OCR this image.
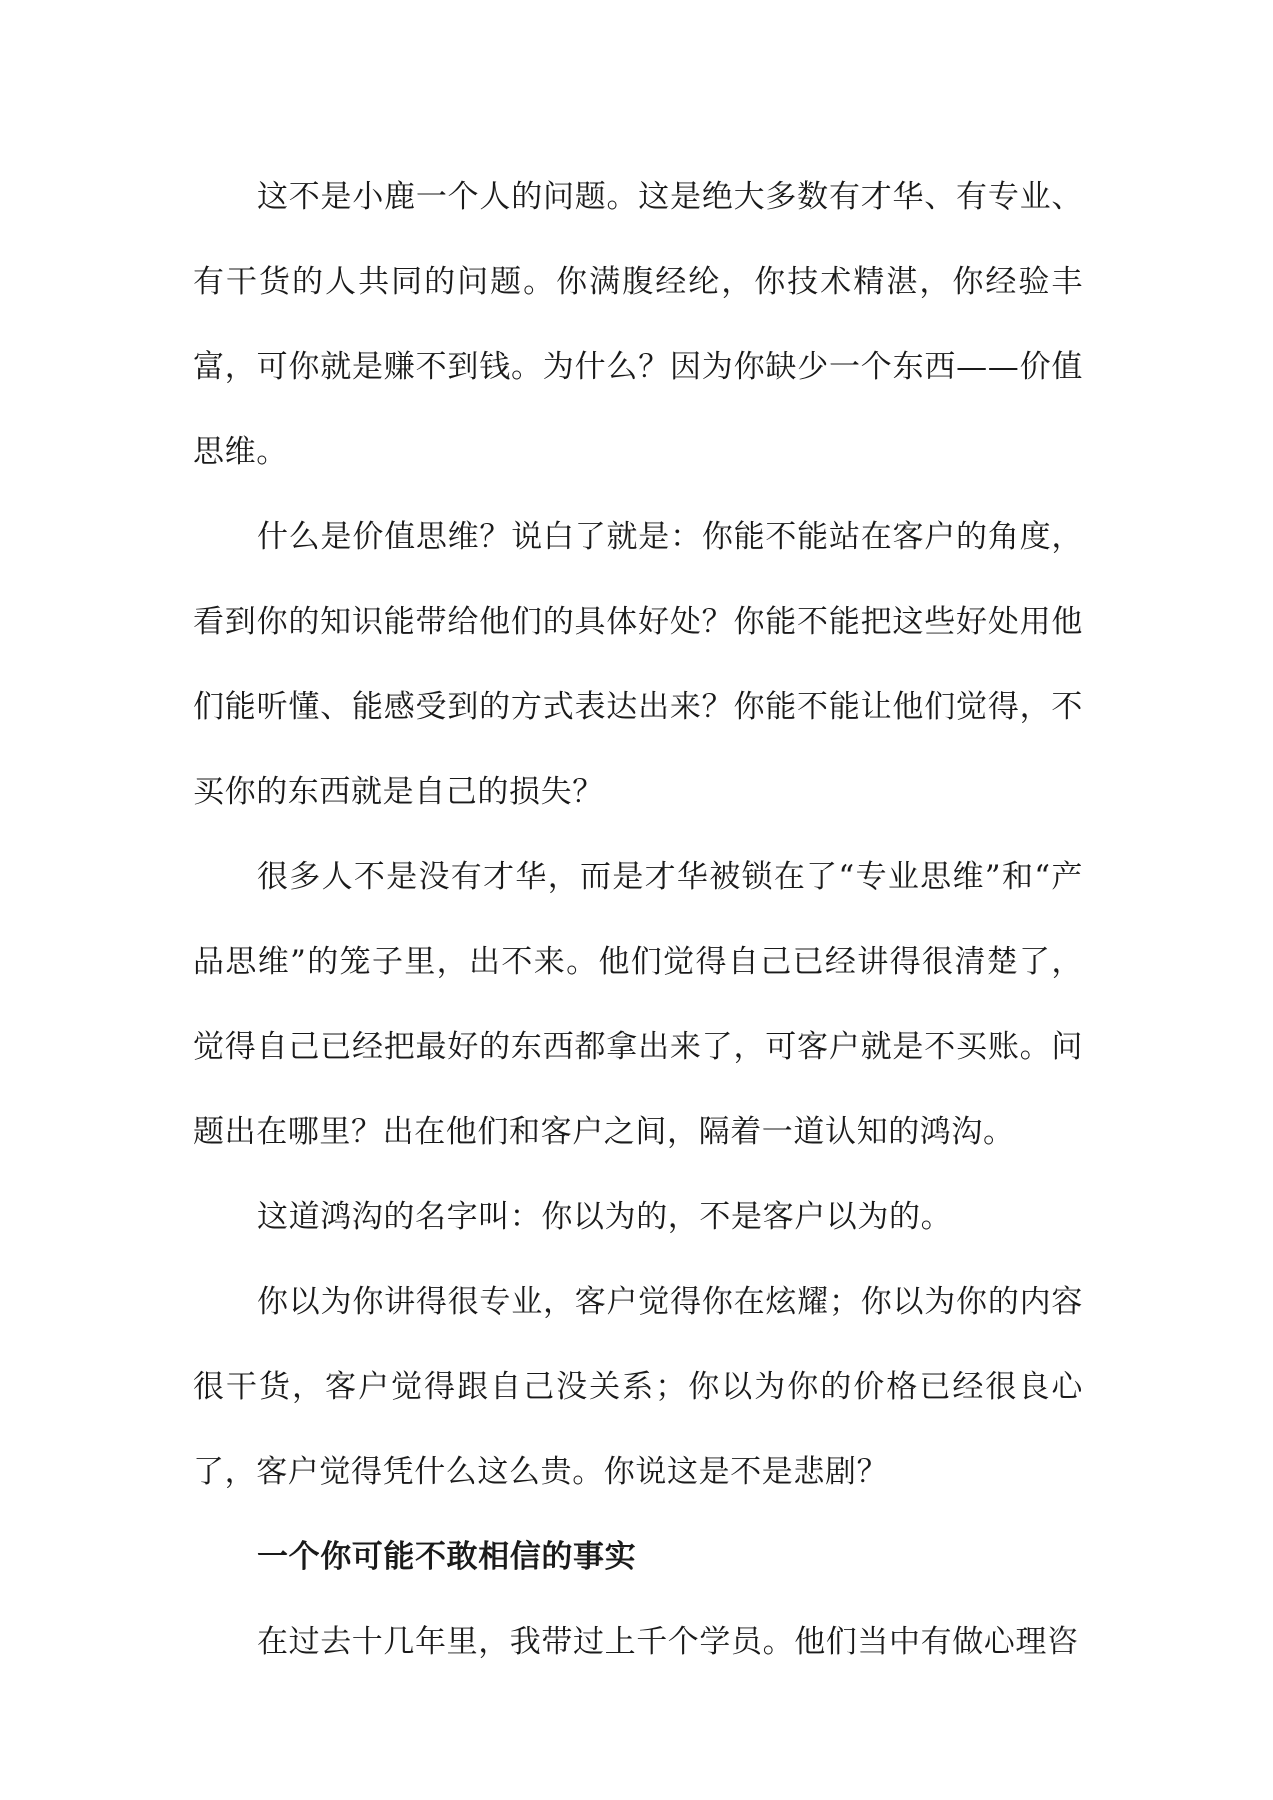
这不是小鹿一个人的问题。这是绝大多数有才华、有专业、有干货的人共同的问题。你满腹经纶，你技术精湛，你经验丰富，可你就是赚不到钱。为什么？因为你缺少一个东西——价值思维。

什么是价值思维？说白了就是：你能不能站在客户的角度，看到你的知识能带给他们的具体好处？你能不能把这些好处用他们能听懂、能感受到的方式表达出来？你能不能让他们觉得，不买你的东西就是自己的损失？

很多人不是没有才华，而是才华被锁在了“专业思维”和“产品思维”的笼子里，出不来。他们觉得自己已经讲得很清楚了，觉得自己已经把最好的东西都拿出来了，可客户就是不买账。问题出在哪里？出在他们和客户之间，隔着一道认知的鸿沟。

这道鸿沟的名字叫：你以为的，不是客户以为的。

你以为你讲得很专业，客户觉得你在炫耀；你以为你的内容很干货，客户觉得跟自己没关系；你以为你的价格已经很良心了，客户觉得凭什么这么贵。你说这是不是悲剧？

一个你可能不敢相信的事实

在过去十几年里，我带过上千个学员。他们当中有做心理咨
